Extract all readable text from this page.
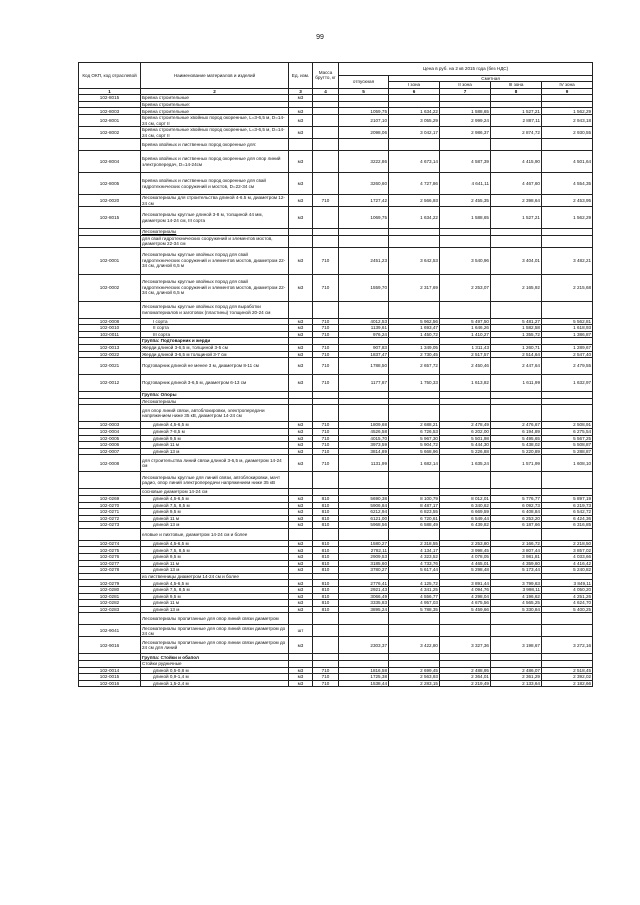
99
Код ОКП, код отраслевой	Наименование материалов и изделий	Ед. изм.	Масса брутто, кг	Цена в руб. на 2 кв 2015 года (без НДС)				
				отпускная	Сметная			
					I зона	II зона	III зона	IV зона
1	2	3	4	5	6	7	8	9
102-8015	Бревна строительные	м3						
	Бревна строительные:							
102-8003	Бревна строительные	м3		1059,75	1 634,22	1 588,65	1 527,21	1 562,29
102-8001	Бревна строительные хвойных пород окоренные, L=3-6,5 м, D=14-24 см, сорт II	м3		2107,10	3 055,29	2 999,24	2 887,11	2 943,18
102-8002	Бревна строительные хвойных пород окоренные, L=3-6,5 м, D=14-24 см, сорт II	м3		2098,06	3 042,17	2 986,37	2 874,72	2 930,55
	Бревна хвойных и лиственных пород окоренные для:							
102-8004	Бревна хвойных и лиственных пород окоренные для опор линий электропередач, D=14-24см	м3		3222,86	4 673,14	4 587,39	4 415,90	4 501,64
102-8005	Бревна хвойных и лиственных пород окоренные для свай гидротехнических сооружений и мостов, D=22-34 см	м3		3260,60	4 727,86	4 641,11	4 467,60	4 554,35
102-0020	Лесоматериалы для строительства длиной 4-6.5 м, диаметром 12-24 см	м3	710	1727,42	2 566,93	2 455,35	2 398,64	2 453,95
102-8015	Лесоматериалы круглые длиной 3-8 м, толщиной 44 мм, диаметром 14-24 см, III сорта	м3		1069,75	1 634,22	1 588,65	1 527,21	1 562,29
	Лесоматериалы							
	для свай гидротехнических сооружений и элементов мостов, диаметром 22-34 см							
102-0001	Лесоматериалы круглые хвойных пород для свай гидротехнических сооружений и элементов мостов, диаметром 22-34 см, длиной 6,5 м	м3	710	2451,23	3 642,53	3 540,96	3 404,01	3 482,21
102-0002	Лесоматериалы круглые хвойных пород для свай гидротехнических сооружений и элементов мостов, диаметром 22-34 см, длиной 6,5 м	м3	710	1559,70	2 317,69	2 253,07	2 165,92	2 215,68
	Лесоматериалы круглые хвойных пород для выработки пиломатериалов и заготовок (пластины) толщиной 20-24 см							
102-0008	I сорта	м3	710	4012,53	5 962,56	5 497,50	5 481,27	5 562,81
102-0010	II сорта	м3	710	1139,61	1 693,47	1 646,26	1 582,58	1 618,93
102-0011	III сорта	м3	710	976,24	1 450,72	1 410,27	1 355,72	1 386,87
	Группа: Подтоварник и жерди							
102-0013	Жерди длиной 3-6,5 м, толщиной 3-5 см	м3	710	907,83	1 349,05	1 311,43	1 260,71	1 289,67
102-0022	Жерди длиной 3-6,5 м толщиной 3-7 см	м3	710	1837,47	2 730,45	2 517,57	2 514,64	2 547,40
102-0021	Подтоварник длиной не менее 3 м, диаметром 8-11 см	м3	710	1788,50	2 657,72	2 450,46	2 447,64	2 479,55
102-0012	Подтоварник длиной 3-6,5 м, диаметром 6-13 см	м3	710	1177,87	1 750,33	1 613,82	1 611,99	1 632,97
	Группа: Опоры							
	Лесоматериалы							
	для опор линий связи, автоблокировки, электропередачи напряжением ниже 35 кВ, диаметром 14-24 см							
102-0003	длиной 4,5-6,5 м	м3	710	1809,68	2 688,21	2 478,49	2 476,67	2 508,91
102-0004	длиной 7-8,5 м	м3	710	4526,58	6 726,53	6 202,00	6 194,89	6 275,54
102-0005	длиной 9,5 м	м3	710	4015,70	5 967,30	5 501,98	5 495,65	5 567,25
102-0006	длиной 11 м	м3	710	3973,59	5 904,72	5 444,30	5 438,02	5 508,87
102-0007	длиной 13 м	м3	710	3814,89	5 668,96	5 226,88	5 220,89	5 288,87
102-0008	для строительства линий связи длиной 3-6,5 м, диаметром 14-24 см	м3	710	1131,99	1 682,14	1 635,24	1 571,99	1 608,10
	Лесоматериалы круглые для линий связи, автоблокировки, мачт радио, опор линий электропередачи напряжением ниже 35 кВ							
	сосновые диаметром 14-24 см							
102-0269	длиной 4,5-6,5 м	м3	810	5690,38	8 100,79	8 012,01	5 776,77	5 897,19
102-0270	длиной 7,5, 8,5 м	м3	810	5906,84	8 487,17	6 340,62	6 092,73	6 219,73
102-0271	длиной 9,5 м	м3	810	6212,94	6 823,55	6 669,59	6 408,84	6 542,72
102-0272	длиной 11 м	м3	810	6121,00	6 720,61	6 549,44	6 253,20	6 424,36
102-0273	длиной 13 м	м3	810	5968,56	6 588,49	6 439,82	6 187,66	6 316,85
	еловые и пихтовые, диаметром 14-24 см и более							
102-0274	длиной 4,5-6,5 м	м3	810	1580,27	2 318,55	2 253,80	2 166,72	2 218,50
102-0275	длиной 7,5, 8,5 м	м3	810	2782,11	4 134,17	3 998,45	3 807,44	3 857,02
102-0276	длиной 9,5 м	м3	810	2909,53	4 323,52	4 078,05	3 981,81	4 033,66
102-0277	длиной 11 м	м3	810	3185,60	4 733,76	4 465,01	4 359,60	4 416,42
102-0278	длиной 13 м	м3	810	3780,27	5 617,44	5 298,48	5 173,44	5 240,82
	из лиственницы диаметром 14-24 см и более							
102-0279	длиной 4,5-6,5 м	м3	810	2776,41	4 125,72	3 891,44	3 799,63	3 849,11
102-0280	длиной 7,5, 8,5 м	м3	810	2921,43	4 341,25	4 094,76	3 998,11	4 050,20
102-0281	длиной 9,5 м	м3	810	3066,49	4 556,77	4 298,04	4 196,62	4 251,26
102-0282	длиной 11 м	м3	810	3335,83	4 957,03	4 675,56	4 565,25	4 624,70
102-0283	длиной 13 м	м3	810	3895,24	5 788,35	5 459,66	5 330,84	5 400,25
	Лесоматериалы пропитанные для опор линий связи диаметром							
102-9041	Лесоматериалы пропитанные для опор линий связи диаметром до 24 см	шт						
102-9016	Лесоматериалы пропитанные для опор линии связи диаметром до 24 см для линий	м3		2303,37	3 422,80	3 327,36	3 198,67	3 272,16
	Группа: Стойки и обапол							
	Стойки рудничные							
102-0014	длиной 0,5-0,8 м	м3	710	1816,58	2 699,45	2 488,95	2 486,07	2 518,45
102-0015	длиной 0,9-1,4 м	м3	710	1725,38	2 563,93	2 364,01	2 361,29	2 392,02
102-0016	длиной 1,5-2,4 м	м3	710	1538,44	2 283,15	2 219,49	2 133,64	2 182,66
